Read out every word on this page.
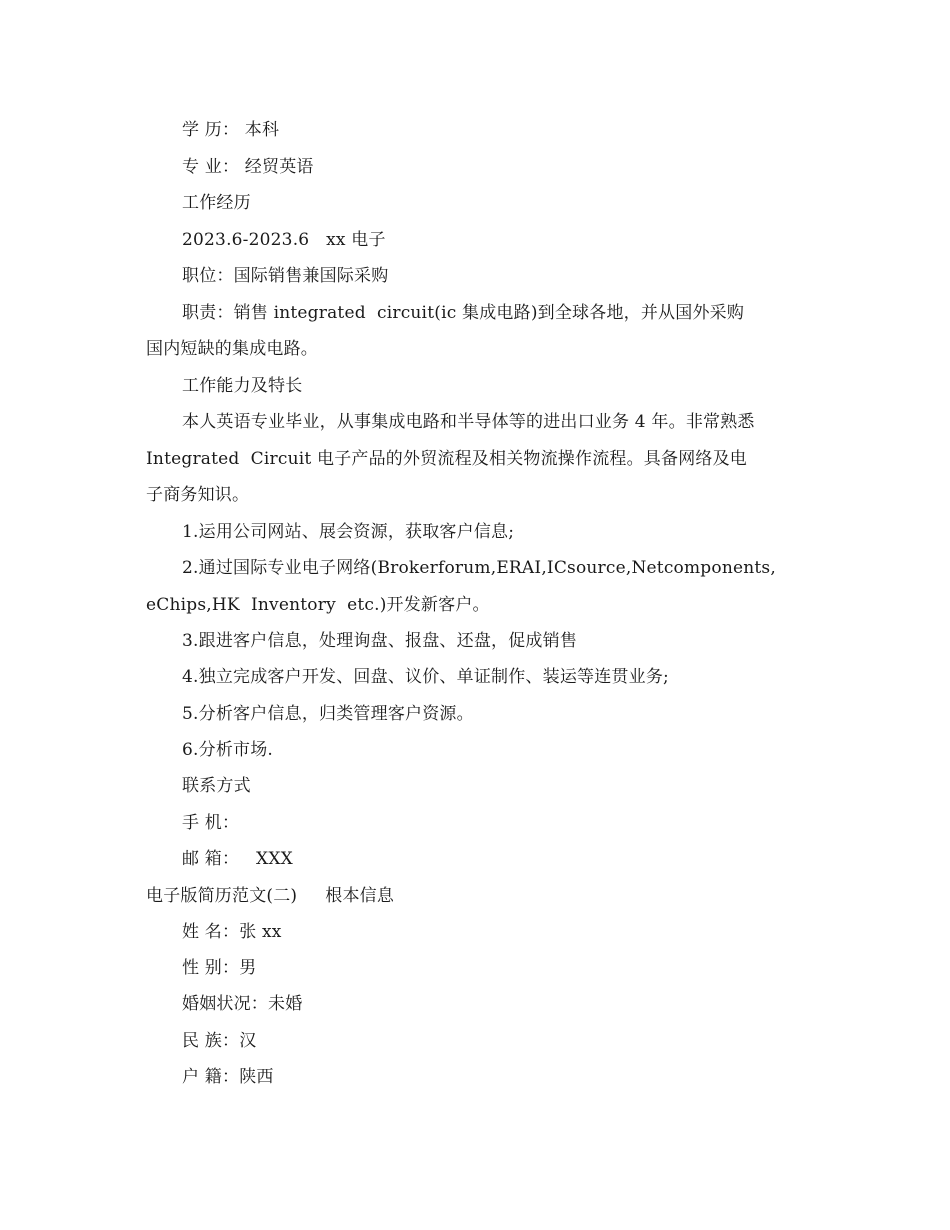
学 历： 本科
专 业： 经贸英语
工作经历
2023.6-2023.6   xx 电子
职位：国际销售兼国际采购
职责：销售 integrated  circuit(ic 集成电路)到全球各地，并从国外采购
国内短缺的集成电路。
工作能力及特长
本人英语专业毕业，从事集成电路和半导体等的进出口业务 4 年。非常熟悉
Integrated  Circuit 电子产品的外贸流程及相关物流操作流程。具备网络及电
子商务知识。
1.运用公司网站、展会资源，获取客户信息;
2.通过国际专业电子网络(Brokerforum,ERAI,ICsource,Netcomponents,
eChips,HK  Inventory  etc.)开发新客户。
3.跟进客户信息，处理询盘、报盘、还盘，促成销售
4.独立完成客户开发、回盘、议价、单证制作、装运等连贯业务;
5.分析客户信息，归类管理客户资源。
6.分析市场.
联系方式
手 机：
邮 箱：   XXX
电子版简历范文(二)     根本信息
姓 名：张 xx
性 别：男
婚姻状况：未婚
民 族：汉
户 籍：陕西
